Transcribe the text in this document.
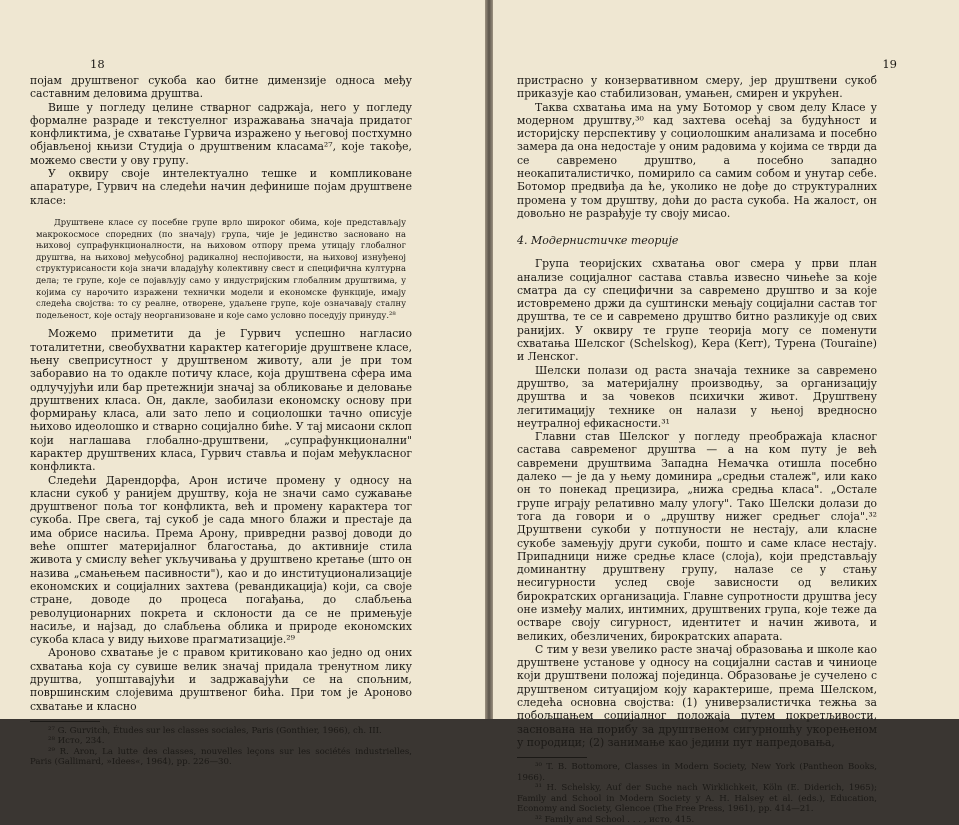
18

појам друштвеног сукоба као битне димензије односа међу саставним деловима друштва.

Више у погледу целине стварног садржаја, него у погледу формалне разраде и текстуелног изражавања значаја придатог конфликтима, је схватање Гурвича изражено у његовој постхумно објављеној књизи Студија о друштвеним класама²⁷, које такође, можемо свести у ову групу.

У оквиру своје интелектуално тешке и компликоване апаратуре, Гурвич на следећи начин дефинише појам друштвене класе:

Друштвене класе су посебне групе врло широког обима, које представљају макрокосмосе споредних (по значају) група, чије је јединство засновано на њиховој супрафункционалности, на њиховом отпору према утицају глобалног друштва, на њиховој међусобној радикалној неспојивости, на њиховој изнуђеној структурисаности која значи владајућу колективну свест и специфична културна дела; те групе, које се појављују само у индустријским глобалним друштвима, у којима су нарочито изражени технички модели и економске функције, имају следећа својства: то су реалне, отворене, удаљене групе, које означавају сталну подељеност, које остају неорганизоване и које само условно поседују принуду.²⁸

Можемо приметити да је Гурвич успешно нагласио тоталитетни, свеобухватни карактер категорије друштвене класе, њену свеприсутност у друштвеном животу, али је при том заборавио на то одакле потичу класе, која друштвена сфера има одлучујући или бар претежнији значај за обликовање и деловање друштвених класа. Он, дакле, заобилази економску основу при формирању класа, али зато лепо и социолошки тачно описује њихово идеолошко и стварно социјално биће. У тај мисаони склоп који наглашава глобално-друштвени, „супрафункционални" карактер друштвених класа, Гурвич ставља и појам међукласног конфликта.

Следећи Дарендорфа, Арон истиче промену у односу на класни сукоб у ранијем друштву, која не значи само сужавање друштвеног поља тог конфликта, већ и промену карактера тог сукоба. Пре свега, тај сукоб је сада много блажи и престаје да има обрисе насиља. Према Арону, привредни развој доводи до веће општег материјалног благостања, до активније стила живота у смислу већег укључивања у друштвено кретање (што он назива „смањењем пасивности"), као и до институционализације економских и социјалних захтева (ревандикација) који, са своје стране, доводе до процеса погађања, до слабљења револуционарних покрета и склоности да се не примењује насиље, и најзад, до слабљења облика и природе економских сукоба класа у виду њихове прагматизације.²⁹

Ароново схватање је с правом критиковано као једно од оних схватања која су сувише велик значај придала тренутном лику друштва, уопштавајући и задржавајући се на спољним, површинским слојевима друштвеног бића. При том је Ароново схватање и класно

²⁷ G. Gurvitch, Études sur les classes sociales, Paris (Gonthier, 1966), ch. III.

²⁸ Исто, 234.

²⁹ R. Aron, La lutte des classes, nouvelles leçons sur les sociétés industrielles, Paris (Gallimard, »Idees«, 1964), pp. 226—30.

19

пристрасно у конзервативном смеру, јер друштвени сукоб приказује као стабилизован, умањен, смирен и укрућен.

Таква схватања има на уму Ботомор у свом делу Класе у модерном друштву,³⁰ кад захтева осећај за будућност и историјску перспективу у социолошким анализама и посебно замера да она недостаје у оним радовима у којима се тврди да се савремено друштво, а посебно западно неокапиталистичко, помирило са самим собом и унутар себе. Ботомор предвиђа да ће, уколико не дође до структуралних промена у том друштву, доћи до раста сукоба. На жалост, он довољно не разрађује ту своју мисао.

4. Модернистичке теорије

Група теоријских схватања овог смера у први план анализе социјалног састава стављa извесно чињеће за које сматра да су специфични за савремено друштво и за које истовремено држи да суштински мењају социјални састав тог друштва, те се и савремено друштво битно разликује од свих ранијих. У оквиру те групе теорија могу се поменути схватања Шелског (Schelskog), Кера (Kerr), Турена (Touraine) и Ленског.

Шелски полази од раста значаја технике за савремено друштво, за материјалну производњу, за организацију друштва и за човеков психички живот. Друштвену легитимацију технике он налази у њеној вредносно неутралној ефикасности.³¹

Главни став Шелског у погледу преображаја класног састава савременог друштва — а на ком путу је већ савремени друштвима Западна Немачка отишла посебно далеко — је да у њему доминира „средњи сталеж", или како он то понекад прецизира, „нижа средња класа". „Остале групе играју релативно малу улогу". Тако Шелски долази до тога да говори и о „друштву нижег средњег слоја".³² Друштвени сукоби у потпуности не нестају, али класне сукобе замењују други сукоби, пошто и саме класе нестају. Припадници ниже средње класе (слоја), који представљају доминантну друштвену групу, налазе се у стању несигурности услед своје зависности од великих бирократских организација. Главне супротности друштва јесу оне између малих, интимних, друштвених група, које теже да остваре своју сигурност, идентитет и начин живота, и великих, обезличених, бирократских апарата.

С тим у вези увелико расте значај образовања и школе као друштвене установе у односу на социјални састав и чиниоце који друштвени положај појединца. Образовање је сучелено с друштвеном ситуацијом коју карактерише, према Шелском, следећа основна својства: (1) универзалистичка тежња за побољшањем социјалног положаја путем покретљивости, заснована на порибу за друштвеном сигурношћу укорењеном у породици; (2) занимање као једини пут напредовања,

³⁰ T. B. Bottomore, Classes in Modern Society, New York (Pantheon Books, 1966).

³¹ H. Schelsky, Auf der Suche nach Wirklichkeit, Köln (E. Diderich, 1965); Family and School in Modern Society у A. H. Halsey et al. (eds.), Education, Economy and Society, Glencoe (The Free Press, 1961), pp. 414—21.

³² Family and School . . . , исто, 415.
